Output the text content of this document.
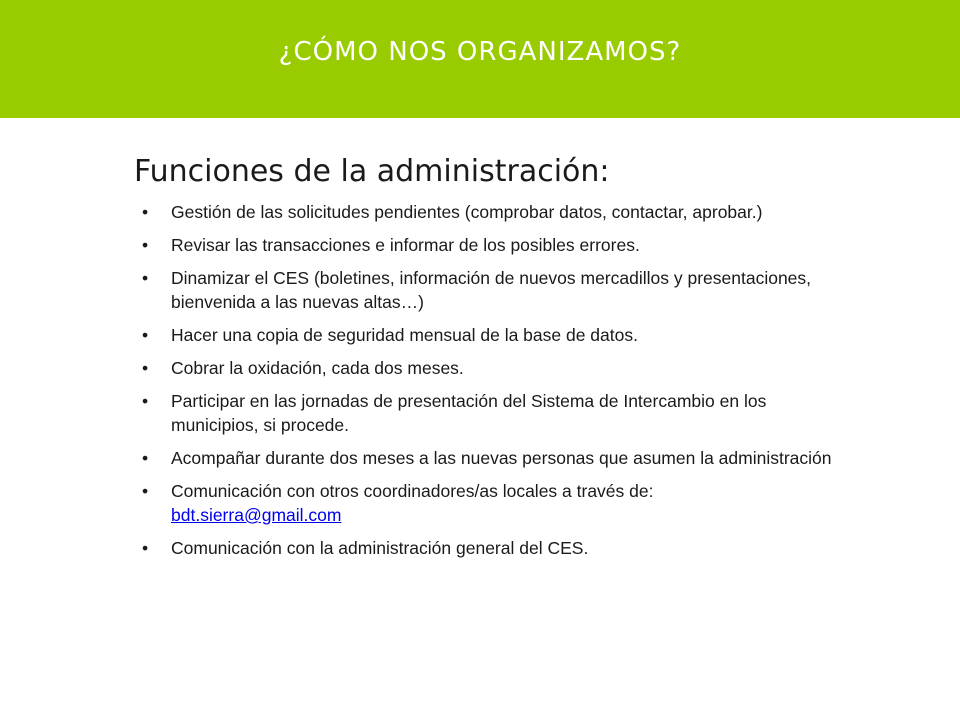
¿CÓMO NOS ORGANIZAMOS?
Funciones de la administración:
• Gestión de las solicitudes pendientes (comprobar datos, contactar, aprobar.)
• Revisar las transacciones e informar de los posibles errores.
• Dinamizar el CES (boletines, información de nuevos mercadillos y presentaciones, bienvenida a las nuevas altas…)
• Hacer una copia de seguridad mensual de la base de datos.
• Cobrar la oxidación, cada dos meses.
• Participar en las jornadas de presentación del Sistema de Intercambio en los municipios, si procede.
• Acompañar durante dos meses a las nuevas personas que asumen la administración
• Comunicación con otros coordinadores/as locales a través de:
bdt.sierra@gmail.com
• Comunicación con la administración general del CES.
